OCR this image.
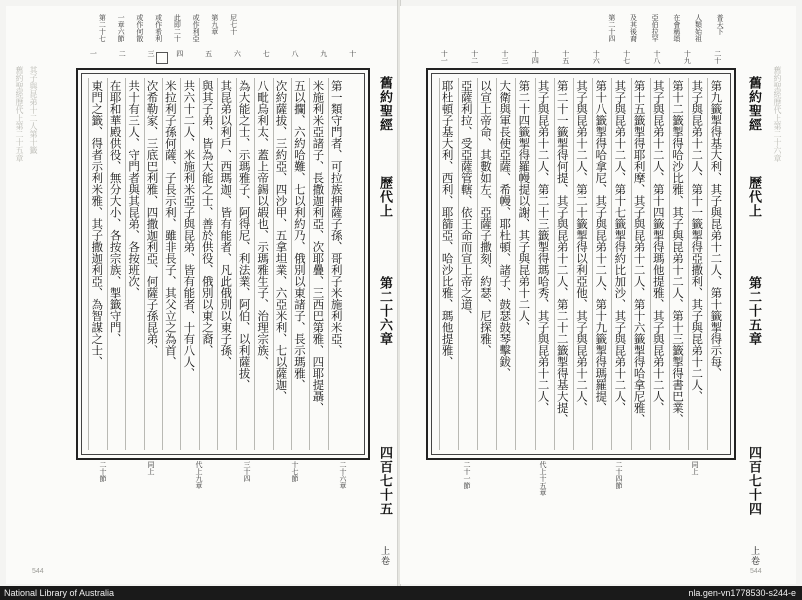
第一類守門者、可拉族押薩子孫、哥利子米施利米亞、
米施利米亞諸子、長撒迦利亞、次耶疊、三西巴第雅、四耶提聶、
五以攔、六約哈難、七以利約乃、俄別以東諸子、長示瑪雅、
次約薩拔、三約亞、四沙甲、五拿坦業、六亞米利、七以薩迦、
八毗烏利太、蓋上帝錫以嘏也、示瑪雅生子、治理宗族、
為大能之士、示瑪雅子、阿得尼、利法業、阿伯、以利薩拔、
其昆弟以利戶、西瑪迦、皆有能者、凡此俄別以東子孫、
與其子弟、皆為大能之士、善於供役、俄別以東之裔、
共六十二人、米施利米亞子與昆弟、皆有能者、十有八人、
米拉利子孫何薩、子長示利、雖非長子、其父立之為首、
次希勒家、三底巴利雅、四撒迦利亞、何薩子孫昆弟、
共十有三人、守門者與其昆弟、各按班次、
在耶和華殿供役、無分大小、各按宗族、掣籤守門、
東門之籤、得者示利米雅、其子撒迦利亞、為智謀之士、	舊約聖經
歷代上
第二十六章
四百七十五
上卷
十
九
八
七
六
五
四
三
二
一
尼七十
第九章
或作利亞
此即二十
或作希利
或作何散
一章六節
第二十七
二十六章
十七節
三十四
代上九章
同上
二十節
舊約聖經歷代上第二十五章 其子與昆弟十二人第十籤
544
第九籤掣得基大利、其子與昆弟十二人、第十籤掣得示每、
其子與昆弟十二人、第十一籤掣得亞撒利、其子與昆弟十二人、
第十二籤掣得哈沙比雅、其子與昆弟十二人、第十三籤掣得書巴業、
其子與昆弟十二人、第十四籤掣得瑪他提雅、其子與昆弟十二人、
第十五籤掣得耶利摩、其子與昆弟十二人、第十六籤掣得哈拿尼雅、
其子與昆弟十二人、第十七籤掣得約比加沙、其子與昆弟十二人、
第十八籤掣得哈拿尼、其子與昆弟十二人、第十九籤掣得瑪羅提、
其子與昆弟十二人、第二十籤掣得以利亞他、其子與昆弟十二人、
第二十一籤掣得何提、其子與昆弟十二人、第二十二籤掣得基大提、
其子與昆弟十二人、第二十三籤掣得瑪哈秀、其子與昆弟十二人、
第二十四籤掣得羅幔提以謝、其子與昆弟十二人、
大衛與軍長使亞薩、希幔、耶杜頓、諸子、鼓瑟鼓琴擊鈸、
以宣上帝命、其數如左、亞薩子撒刻、約瑟、尼探雅、
亞薩利拉、受亞薩管轄、依王命而宣上帝之道、
耶杜頓子基大利、西利、耶篩亞、哈沙比雅、瑪他提雅、	舊約聖經
歷代上
第二十五章
四百七十四
上卷
二十
十九
十八
十七
十六
十五
十四
十三
十二
十一
普天下
人類始祖
在會稱頌
亞伯拉罕
及其後裔
第二十四
同上
二十四節
代上十五章
二十一節
舊約聖經歷代上第二十六章
544
National Library of Australia	nla.gen-vn1778530-s244-e
